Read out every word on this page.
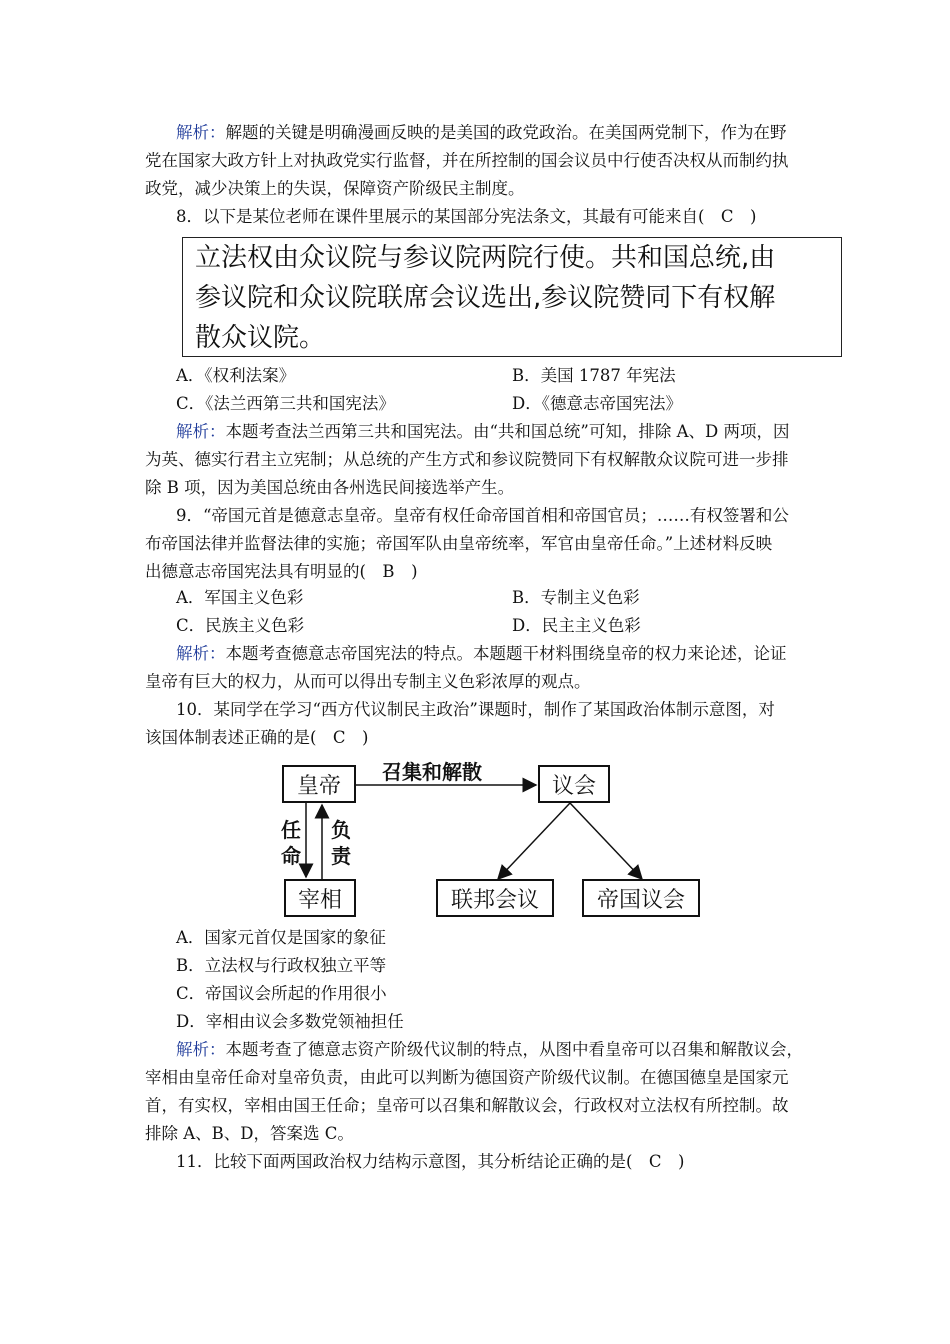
解析：解题的关键是明确漫画反映的是美国的政党政治。在美国两党制下，作为在野
党在国家大政方针上对执政党实行监督，并在所控制的国会议员中行使否决权从而制约执
政党，减少决策上的失误，保障资产阶级民主制度。
8．以下是某位老师在课件里展示的某国部分宪法条文，其最有可能来自(　C　)
立法权由众议院与参议院两院行使。共和国总统,由
参议院和众议院联席会议选出,参议院赞同下有权解
散众议院。
A．《权利法案》	B．美国 1787 年宪法
C．《法兰西第三共和国宪法》	D．《德意志帝国宪法》
解析：本题考查法兰西第三共和国宪法。由“共和国总统”可知，排除 A、D 两项，因
为英、德实行君主立宪制；从总统的产生方式和参议院赞同下有权解散众议院可进一步排
除 B 项，因为美国总统由各州选民间接选举产生。
9．“帝国元首是德意志皇帝。皇帝有权任命帝国首相和帝国官员；……有权签署和公
布帝国法律并监督法律的实施；帝国军队由皇帝统率，军官由皇帝任命。”上述材料反映
出德意志帝国宪法具有明显的(　B　)
A．军国主义色彩	B．专制主义色彩
C．民族主义色彩	D．民主主义色彩
解析：本题考查德意志帝国宪法的特点。本题题干材料围绕皇帝的权力来论述，论证
皇帝有巨大的权力，从而可以得出专制主义色彩浓厚的观点。
10．某同学在学习“西方代议制民主政治”课题时，制作了某国政治体制示意图，对
该国体制表述正确的是(　C　)
皇帝	议会
宰相	联邦会议	帝国议会
召集和解散
任命
负责
A．国家元首仅是国家的象征
B．立法权与行政权独立平等
C．帝国议会所起的作用很小
D．宰相由议会多数党领袖担任
解析：本题考查了德意志资产阶级代议制的特点，从图中看皇帝可以召集和解散议会，
宰相由皇帝任命对皇帝负责，由此可以判断为德国资产阶级代议制。在德国德皇是国家元
首，有实权，宰相由国王任命；皇帝可以召集和解散议会，行政权对立法权有所控制。故
排除 A、B、D，答案选 C。
11．比较下面两国政治权力结构示意图，其分析结论正确的是(　C　)
